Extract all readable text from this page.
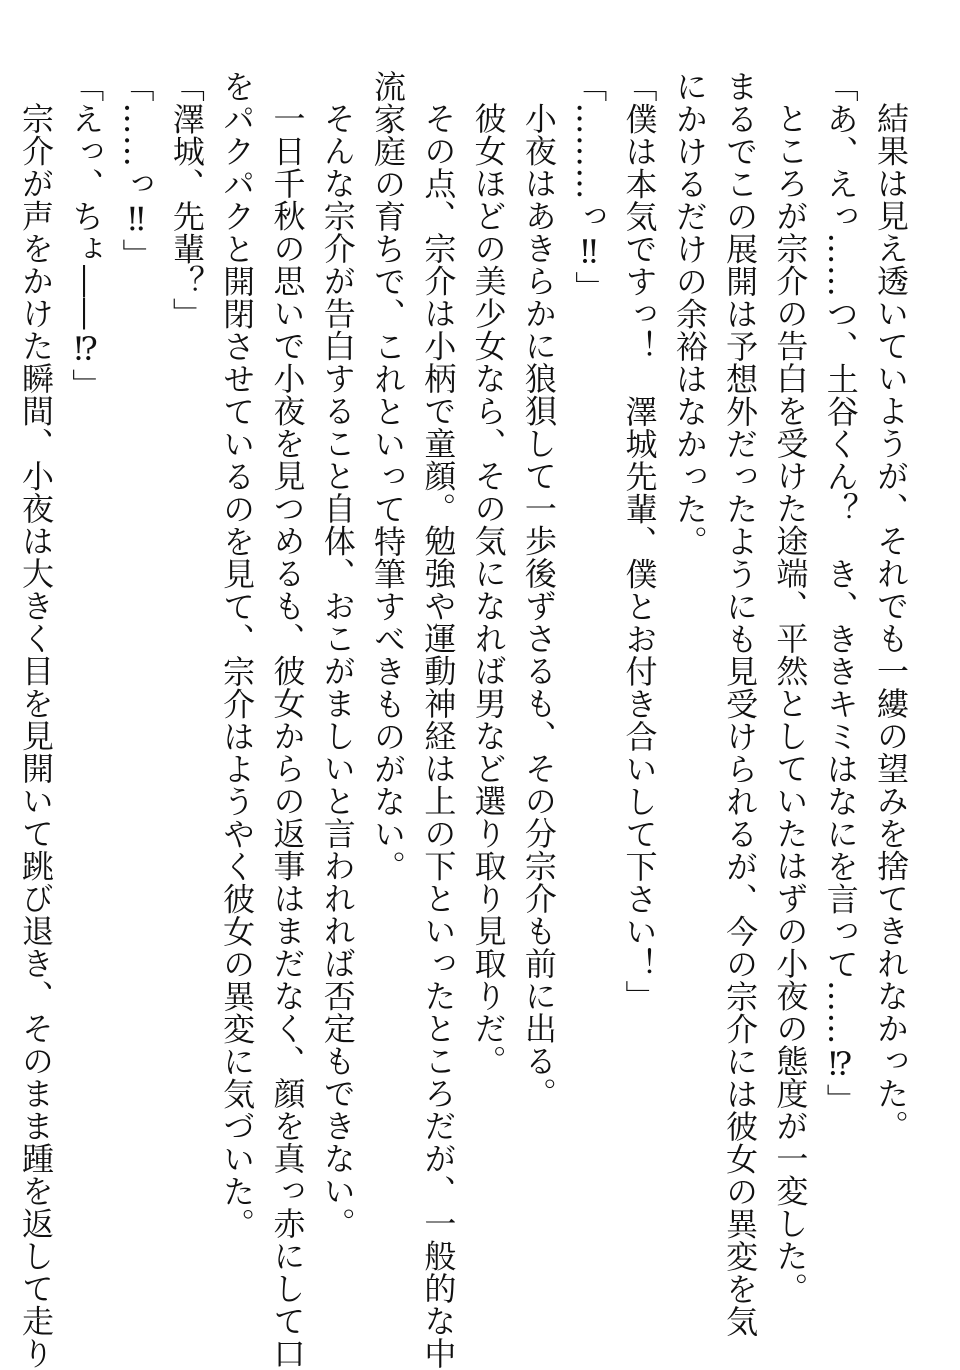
結果は見え透いていようが、それでも一縷の望みを捨てきれなかった。
「あ、えっ……つ、土谷くん？　き、ききキミはなにを言って……⁉」
ところが宗介の告白を受けた途端、平然としていたはずの小夜の態度が一変した。
まるでこの展開は予想外だったようにも見受けられるが、今の宗介には彼女の異変を気
にかけるだけの余裕はなかった。
「僕は本気ですっ！　澤城先輩、僕とお付き合いして下さい！」
「………っ‼」
小夜はあきらかに狼狽して一歩後ずさるも、その分宗介も前に出る。
彼女ほどの美少女なら、その気になれば男など選り取り見取りだ。
その点、宗介は小柄で童顔。勉強や運動神経は上の下といったところだが、一般的な中
流家庭の育ちで、これといって特筆すべきものがない。
そんな宗介が告白すること自体、おこがましいと言われれば否定もできない。
一日千秋の思いで小夜を見つめるも、彼女からの返事はまだなく、顔を真っ赤にして口
をパクパクと開閉させているのを見て、宗介はようやく彼女の異変に気づいた。
「澤城、先輩？」
「……っ‼」
「えっ、ちょ――⁉」
宗介が声をかけた瞬間、小夜は大きく目を見開いて跳び退き、そのまま踵を返して走り
